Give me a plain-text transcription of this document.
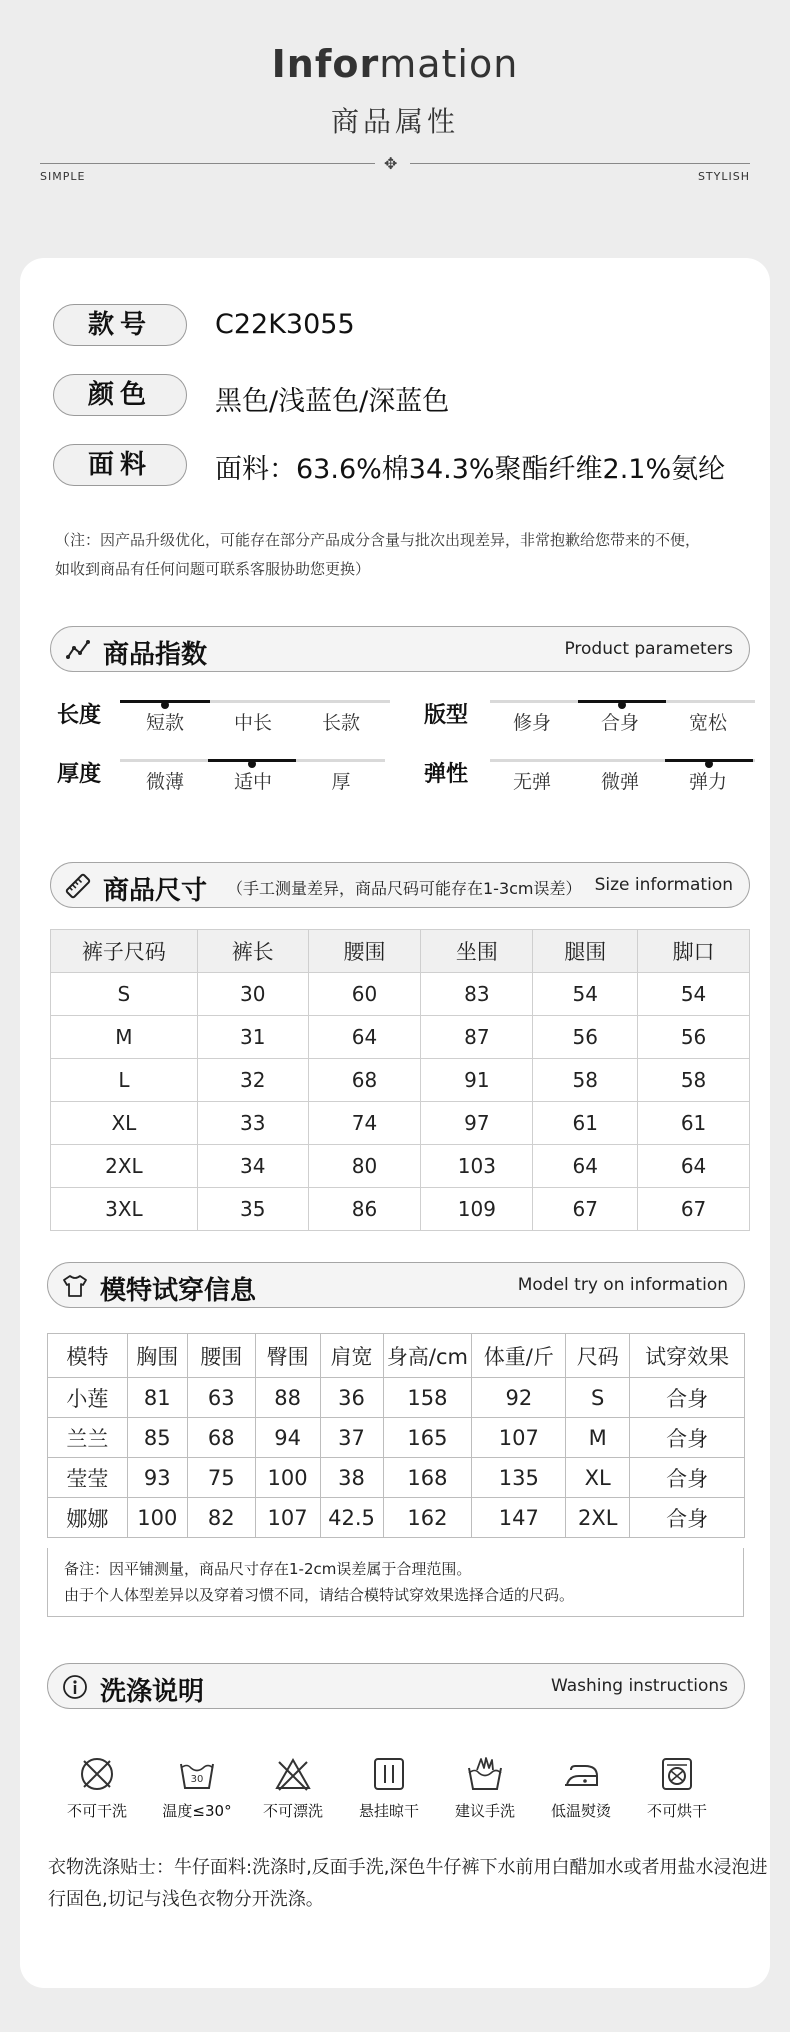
Information
商品属性
✥
SIMPLE	STYLISH
款号	C22K3055
颜色	黑色/浅蓝色/深蓝色
面料	面料：63.6%棉34.3%聚酯纤维2.1%氨纶
（注：因产品升级优化，可能存在部分产品成分含量与批次出现差异，非常抱歉给您带来的不便，
如收到商品有任何问题可联系客服协助您更换）
商品指数	Product parameters
长度	短款	中长	长款	版型	修身	合身	宽松
厚度	微薄	适中	厚	弹性	无弹	微弹	弹力
商品尺寸 （手工测量差异，商品尺码可能存在1-3cm误差） Size information
裤子尺码	裤长	腰围	坐围	腿围	脚口
S	30	60	83	54	54
M	31	64	87	56	56
L	32	68	91	58	58
XL	33	74	97	61	61
2XL	34	80	103	64	64
3XL	35	86	109	67	67
模特试穿信息	Model try on information
模特	胸围	腰围	臀围	肩宽	身高/cm	体重/斤	尺码	试穿效果
小莲	81	63	88	36	158	92	S	合身
兰兰	85	68	94	37	165	107	M	合身
莹莹	93	75	100	38	168	135	XL	合身
娜娜	100	82	107	42.5	162	147	2XL	合身
备注：因平铺测量，商品尺寸存在1-2cm误差属于合理范围。
由于个人体型差异以及穿着习惯不同，请结合模特试穿效果选择合适的尺码。
洗涤说明	Washing instructions
不可干洗
30
温度≤30°	不可漂洗	悬挂晾干	建议手洗	低温熨烫	不可烘干
衣物洗涤贴士：牛仔面料:洗涤时,反面手洗,深色牛仔裤下水前用白醋加水或者用盐水浸泡进
行固色,切记与浅色衣物分开洗涤。
